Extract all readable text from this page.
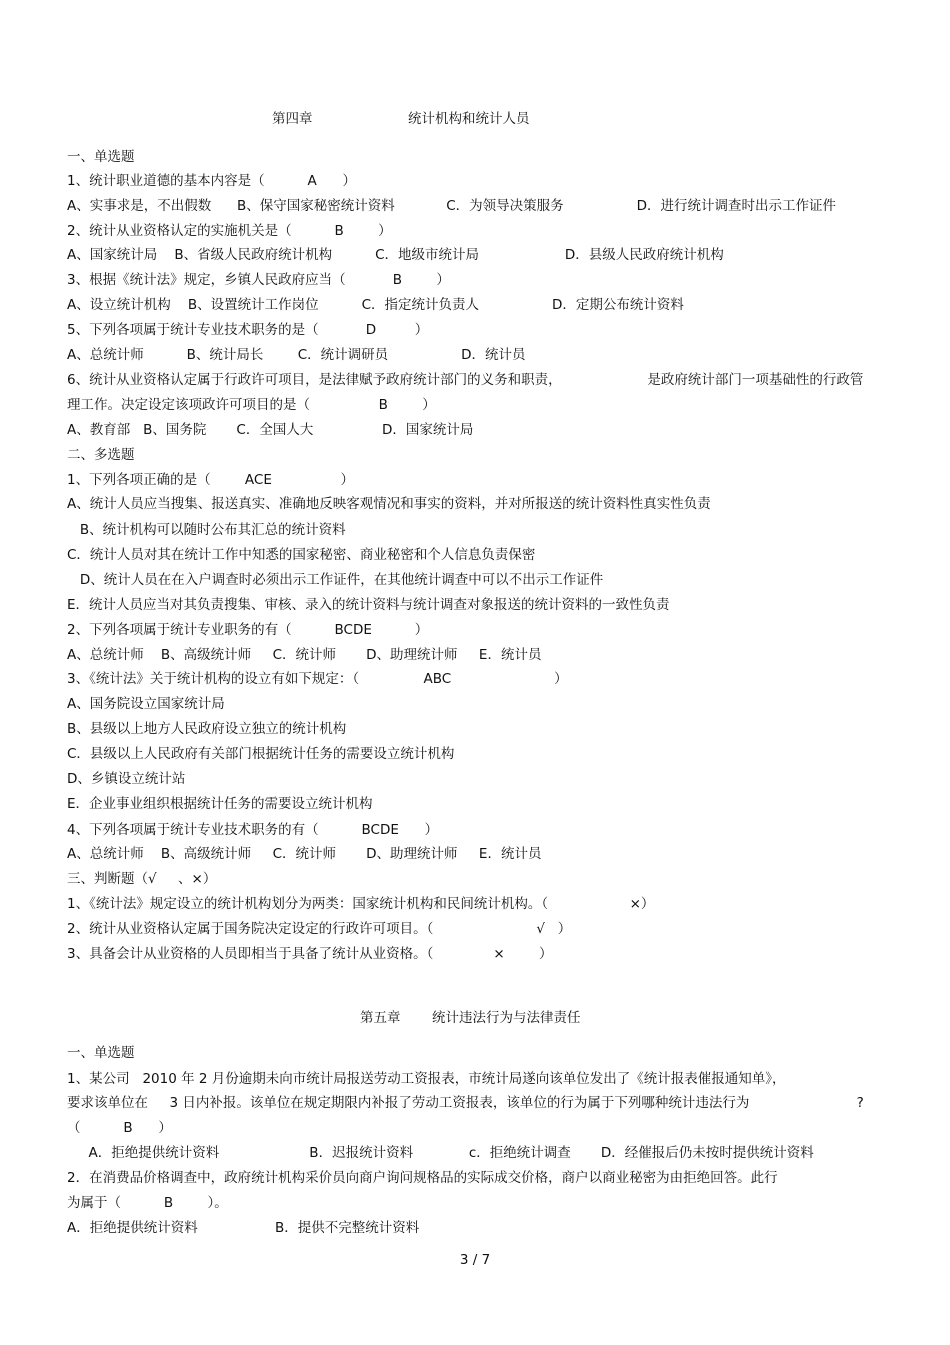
第四章	统计机构和统计人员
一、单选题
1、统计职业道德的基本内容是（          A      ）
A、实事求是，不出假数      B、保守国家秘密统计资料            C．为领导决策服务                 D．进行统计调查时出示工作证件
2、统计从业资格认定的实施机关是（          B        ）
A、国家统计局    B、省级人民政府统计机构          C．地级市统计局                    D．县级人民政府统计机构
3、根据《统计法》规定，乡镇人民政府应当（           B        ）
A、设立统计机构    B、设置统计工作岗位          C．指定统计负责人                 D．定期公布统计资料
5、下列各项属于统计专业技术职务的是（           D         ）
A、总统计师          B、统计局长        C．统计调研员                 D．统计员
6、统计从业资格认定属于行政许可项目，是法律赋予政府统计部门的义务和职责，                    是政府统计部门一项基础性的行政管
理工作。决定设定该项政许可项目的是（                B        ）
A、教育部   B、国务院       C．全国人大                D．国家统计局
二、多选题
1、下列各项正确的是（        ACE                ）
A、统计人员应当搜集、报送真实、准确地反映客观情况和事实的资料，并对所报送的统计资料性真实性负责
B、统计机构可以随时公布其汇总的统计资料
C．统计人员对其在统计工作中知悉的国家秘密、商业秘密和个人信息负责保密
D、统计人员在在入户调查时必须出示工作证件，在其他统计调查中可以不出示工作证件
E．统计人员应当对其负责搜集、审核、录入的统计资料与统计调查对象报送的统计资料的一致性负责
2、下列各项属于统计专业职务的有（          BCDE          ）
A、总统计师    B、高级统计师     C．统计师       D、助理统计师     E．统计员
3、《统计法》关于统计机构的设立有如下规定：（               ABC                        ）
A、国务院设立国家统计局
B、县级以上地方人民政府设立独立的统计机构
C．县级以上人民政府有关部门根据统计任务的需要设立统计机构
D、乡镇设立统计站
E．企业事业组织根据统计任务的需要设立统计机构
4、下列各项属于统计专业技术职务的有（          BCDE      ）
A、总统计师    B、高级统计师     C．统计师       D、助理统计师     E．统计员
三、判断题（√     、×）
1、《统计法》规定设立的统计机构划分为两类：国家统计机构和民间统计机构。（                   ×）
2、统计从业资格认定属于国务院决定设定的行政许可项目。（                        √   ）
3、具备会计从业资格的人员即相当于具备了统计从业资格。（              ×        ）
第五章 统计违法行为与法律责任
一、单选题
1、某公司   2010 年 2 月份逾期未向市统计局报送劳动工资报表，市统计局遂向该单位发出了《统计报表催报通知单》，
要求该单位在     3 日内补报。该单位在规定期限内补报了劳动工资报表，该单位的行为属于下列哪种统计违法行为                         ?
（          B      ）
A．拒绝提供统计资料                     B．迟报统计资料             c．拒绝统计调查       D．经催报后仍未按时提供统计资料
2．在消费品价格调查中，政府统计机构采价员向商户询问规格品的实际成交价格，商户以商业秘密为由拒绝回答。此行
为属于（          B        ）。
A．拒绝提供统计资料                  B．提供不完整统计资料
3 / 7
